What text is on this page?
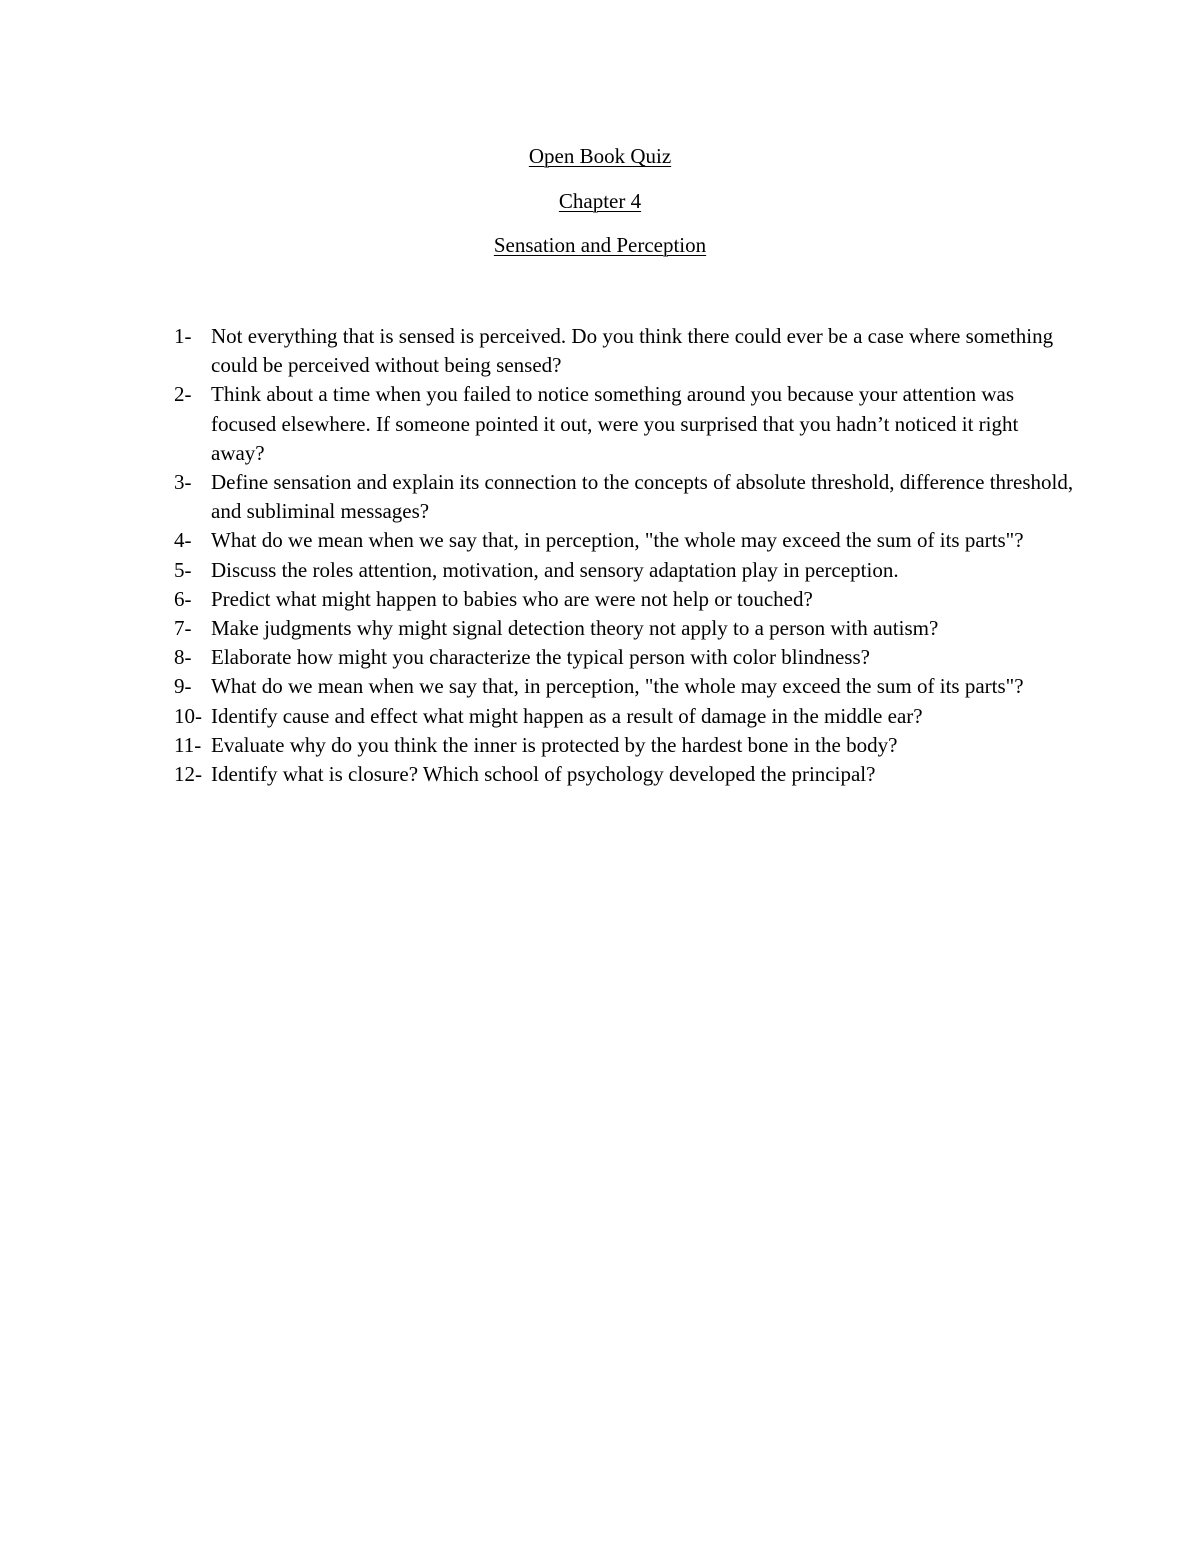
Open Book Quiz
Chapter 4
Sensation and Perception
1- Not everything that is sensed is perceived. Do you think there could ever be a case where something could be perceived without being sensed?
2- Think about a time when you failed to notice something around you because your attention was focused elsewhere. If someone pointed it out, were you surprised that you hadn’t noticed it right away?
3- Define sensation and explain its connection to the concepts of absolute threshold, difference threshold, and subliminal messages?
4- What do we mean when we say that, in perception, "the whole may exceed the sum of its parts"?
5- Discuss the roles attention, motivation, and sensory adaptation play in perception.
6- Predict what might happen to babies who are were not help or touched?
7- Make judgments why might signal detection theory not apply to a person with autism?
8- Elaborate how might you characterize the typical person with color blindness?
9- What do we mean when we say that, in perception, "the whole may exceed the sum of its parts"?
10- Identify cause and effect what might happen as a result of damage in the middle ear?
11- Evaluate why do you think the inner is protected by the hardest bone in the body?
12- Identify what is closure? Which school of psychology developed the principal?
